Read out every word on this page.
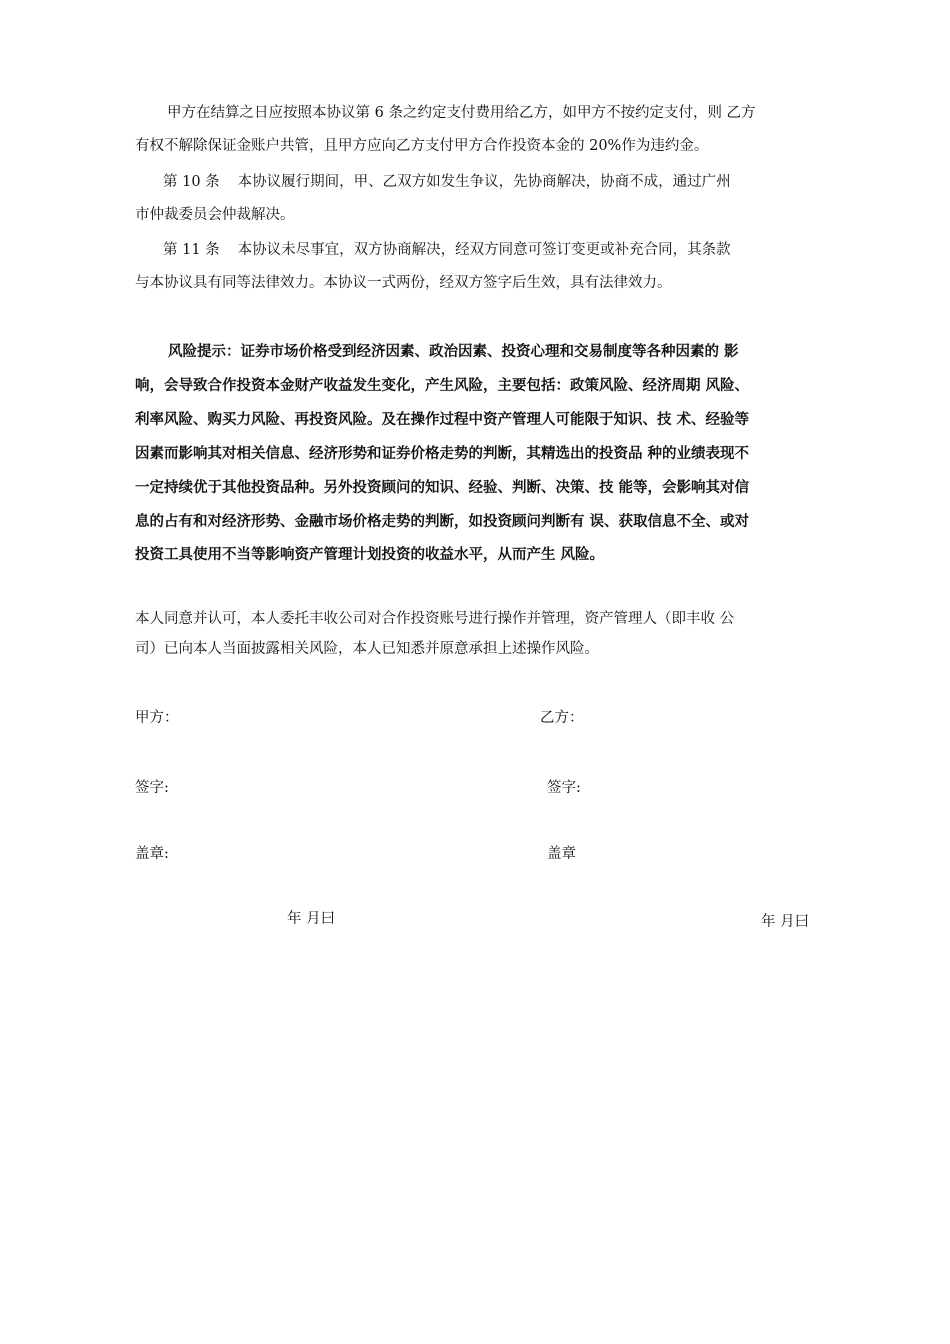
甲方在结算之日应按照本协议第 6 条之约定支付费用给乙方，如甲方不按约定支付，则 乙方
有权不解除保证金账户共管，且甲方应向乙方支付甲方合作投资本金的 20%作为违约金。
第 10 条 本协议履行期间，甲、乙双方如发生争议，先协商解决，协商不成，通过广州
市仲裁委员会仲裁解决。
第 11 条 本协议未尽事宜，双方协商解决，经双方同意可签订变更或补充合同，其条款
与本协议具有同等法律效力。本协议一式两份，经双方签字后生效，具有法律效力。
风险提示：证券市场价格受到经济因素、政治因素、投资心理和交易制度等各种因素的 影
响，会导致合作投资本金财产收益发生变化，产生风险，主要包括：政策风险、经济周期 风险、
利率风险、购买力风险、再投资风险。及在操作过程中资产管理人可能限于知识、技 术、经验等
因素而影响其对相关信息、经济形势和证券价格走势的判断，其精选出的投资品 种的业绩表现不
一定持续优于其他投资品种。另外投资顾问的知识、经验、判断、决策、技 能等，会影响其对信
息的占有和对经济形势、金融市场价格走势的判断，如投资顾问判断有 误、获取信息不全、或对
投资工具使用不当等影响资产管理计划投资的收益水平，从而产生 风险。
本人同意并认可，本人委托丰收公司对合作投资账号进行操作并管理，资产管理人（即丰收 公
司）已向本人当面披露相关风险，本人已知悉并原意承担上述操作风险。
甲方：	乙方：
签字:	签字:
盖章:	盖章
年 月曰	年 月曰
